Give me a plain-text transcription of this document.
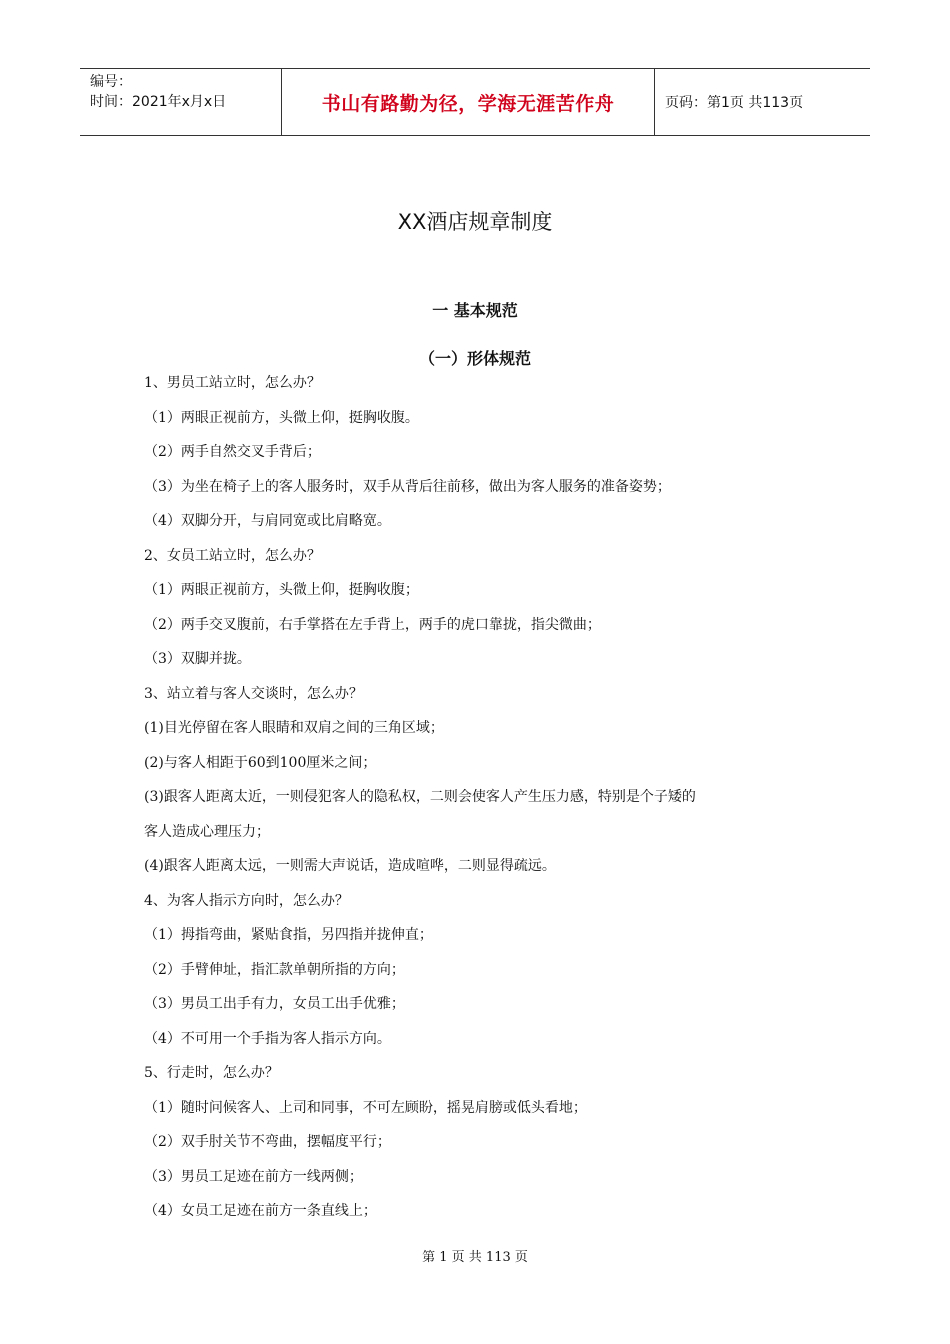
编号：
时间：2021年x月x日	书山有路勤为径，学海无涯苦作舟	页码：第1页 共113页
XX酒店规章制度
一 基本规范
（一）形体规范
1、男员工站立时，怎么办？
（1）两眼正视前方，头微上仰，挺胸收腹。
（2）两手自然交叉手背后；
（3）为坐在椅子上的客人服务时，双手从背后往前移，做出为客人服务的准备姿势；
（4）双脚分开，与肩同宽或比肩略宽。
2、女员工站立时，怎么办？
（1）两眼正视前方，头微上仰，挺胸收腹；
（2）两手交叉腹前，右手掌搭在左手背上，两手的虎口靠拢，指尖微曲；
（3）双脚并拢。
3、站立着与客人交谈时，怎么办？
(1)目光停留在客人眼睛和双肩之间的三角区域；
(2)与客人相距于60到100厘米之间；
(3)跟客人距离太近，一则侵犯客人的隐私权，二则会使客人产生压力感，特别是个子矮的
客人造成心理压力；
(4)跟客人距离太远，一则需大声说话，造成喧哗，二则显得疏远。
4、为客人指示方向时，怎么办？
（1）拇指弯曲，紧贴食指，另四指并拢伸直；
（2）手臂伸址，指汇款单朝所指的方向；
（3）男员工出手有力，女员工出手优雅；
（4）不可用一个手指为客人指示方向。
5、行走时，怎么办？
（1）随时问候客人、上司和同事，不可左顾盼，摇晃肩膀或低头看地；
（2）双手肘关节不弯曲，摆幅度平行；
（3）男员工足迹在前方一线两侧；
（4）女员工足迹在前方一条直线上；
第 1 页 共 113 页
